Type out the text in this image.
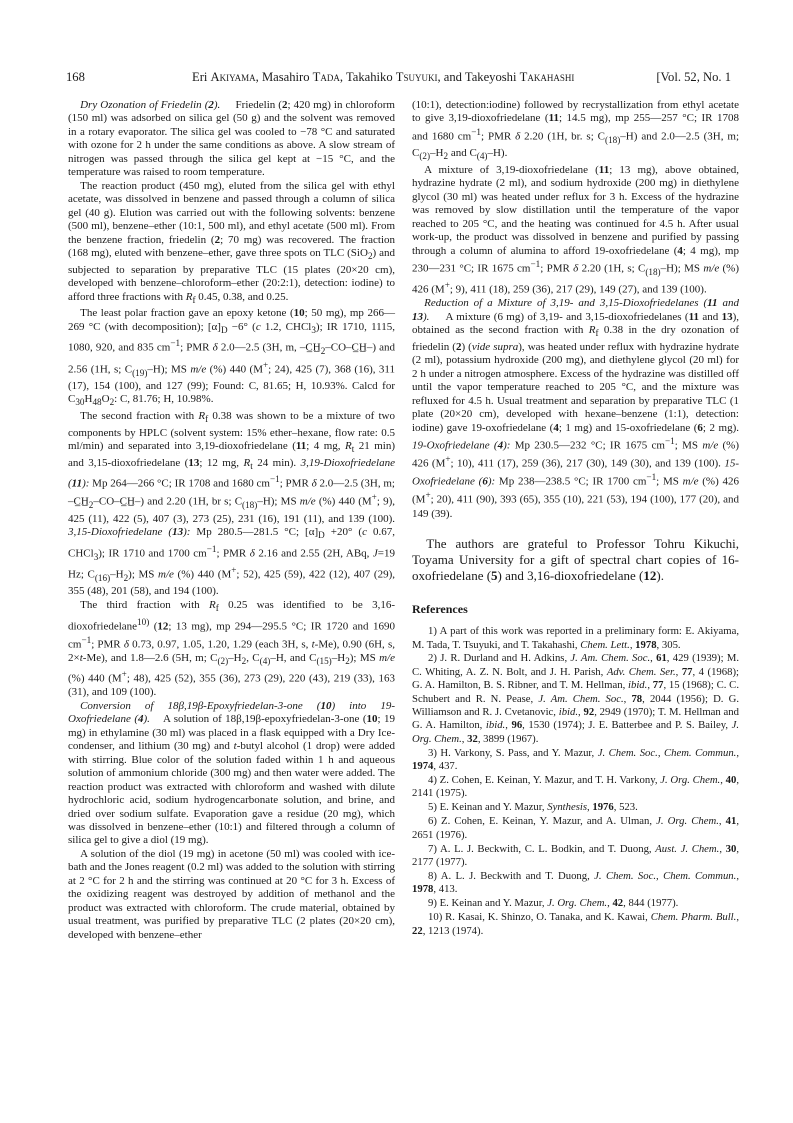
168	Eri Akiyama, Masahiro Tada, Takahiko Tsuyuki, and Takeyoshi Takahashi	[Vol. 52, No. 1

Dry Ozonation of Friedelin (2).     Friedelin (2; 420 mg) in chloroform (150 ml) was adsorbed on silica gel (50 g) and the solvent was removed in a rotary evaporator. The silica gel was cooled to −78 °C and saturated with ozone for 2 h under the same conditions as above. A slow stream of nitrogen was passed through the silica gel kept at −15 °C, and the temperature was raised to room temperature.

The reaction product (450 mg), eluted from the silica gel with ethyl acetate, was dissolved in benzene and passed through a column of silica gel (40 g). Elution was carried out with the following solvents: benzene (500 ml), benzene–ether (10:1, 500 ml), and ethyl acetate (500 ml). From the benzene fraction, friedelin (2; 70 mg) was recovered. The fraction (168 mg), eluted with benzene–ether, gave three spots on TLC (SiO$_2$) and subjected to separation by preparative TLC (15 plates (20×20 cm), developed with benzene–chloroform–ether (20:2:1), detection: iodine) to afford three fractions with $R_f$ 0.45, 0.38, and 0.25.

The least polar fraction gave an epoxy ketone (10; 50 mg), mp 266—269 °C (with decomposition); $[\alpha]_D -6^\circ$ (c 1.2, CHCl$_3$); IR 1710, 1115, 1080, 920, and 835 $cm^{-1}$; PMR δ 2.0—2.5 (3H, m, $-C̲H̲_2-CO-C̲H̲-$) and 2.56 (1H, s; $C_{(19)}-H$); MS m/e (%) 440 (M+; 24), 425 (7), 368 (16), 311 (17), 154 (100), and 127 (99); Found: C, 81.65; H, 10.93%. Calcd for $C_{30}H_{48}O_2$: C, 81.76; H, 10.98%.

The second fraction with $R_f$ 0.38 was shown to be a mixture of two components by HPLC (solvent system: 15% ether–hexane, flow rate: 0.5 ml/min) and separated into 3,19-dioxofriedelane (11; 4 mg, $R_t$ 21 min) and 3,15-dioxofriedelane (13; 12 mg, $R_t$ 24 min). 3,19-Dioxofriedelane (11): Mp 264—266 °C; IR 1708 and 1680 $cm^{-1}$; PMR δ 2.0—2.5 (3H, m; $-C̲H̲_2-CO-C̲H̲-$) and 2.20 (1H, br s; $C_{(18)}-H$); MS m/e (%) 440 (M+; 9), 425 (11), 422 (5), 407 (3), 273 (25), 231 (16), 191 (11), and 139 (100). 3,15-Dioxofriedelane (13): Mp 280.5—281.5 °C; $[\alpha]_D +20^\circ$ (c 0.67, CHCl$_3$); IR 1710 and 1700 $cm^{-1}$; PMR δ 2.16 and 2.55 (2H, ABq, J=19 Hz; $C_{(16)}-H_2$); MS m/e (%) 440 (M+; 52), 425 (59), 422 (12), 407 (29), 355 (48), 201 (58), and 194 (100).

The third fraction with $R_f$ 0.25 was identified to be 3,16-dioxofriedelane$^{10)}$ (12; 13 mg), mp 294—295.5 °C; IR 1720 and 1690 $cm^{-1}$; PMR δ 0.73, 0.97, 1.05, 1.20, 1.29 (each 3H, s, t-Me), 0.90 (6H, s, 2×t-Me), and 1.8—2.6 (5H, m; $C_{(2)}-H_2$, $C_{(4)}-H$, and $C_{(15)}-H_2$); MS m/e (%) 440 (M+; 48), 425 (52), 355 (36), 273 (29), 220 (43), 219 (33), 163 (31), and 109 (100).

Conversion of 18β,19β-Epoxyfriedelan-3-one (10) into 19-Oxofriedelane (4).    A solution of 18β,19β-epoxyfriedelan-3-one (10; 19 mg) in ethylamine (30 ml) was placed in a flask equipped with a Dry Ice-condenser, and lithium (30 mg) and t-butyl alcohol (1 drop) were added with stirring. Blue color of the solution faded within 1 h and aqueous solution of ammonium chloride (300 mg) and then water were added. The reaction product was extracted with chloroform and washed with dilute hydrochloric acid, sodium hydrogencarbonate solution, and brine, and dried over sodium sulfate. Evaporation gave a residue (20 mg), which was dissolved in benzene–ether (10:1) and filtered through a column of silica gel to give a diol (19 mg).

A solution of the diol (19 mg) in acetone (50 ml) was cooled with ice-bath and the Jones reagent (0.2 ml) was added to the solution with stirring at 2 °C for 2 h and the stirring was continued at 20 °C for 3 h. Excess of the oxidizing reagent was destroyed by addition of methanol and the product was extracted with chloroform. The crude material, obtained by usual treatment, was purified by preparative TLC (2 plates (20×20 cm), developed with benzene–ether

(10:1), detection:iodine) followed by recrystallization from ethyl acetate to give 3,19-dioxofriedelane (11; 14.5 mg), mp 255—257 °C; IR 1708 and 1680 $cm^{-1}$; PMR δ 2.20 (1H, br. s; $C_{(18)}-H$) and 2.0—2.5 (3H, m; $C_{(2)}-H_2$ and $C_{(4)}-H$).

A mixture of 3,19-dioxofriedelane (11; 13 mg), above obtained, hydrazine hydrate (2 ml), and sodium hydroxide (200 mg) in diethylene glycol (30 ml) was heated under reflux for 3 h. Excess of the hydrazine was removed by slow distillation until the temperature of the vapor reached to 205 °C, and the heating was continued for 4.5 h. After usual work-up, the product was dissolved in benzene and purified by passing through a column of alumina to afford 19-oxofriedelane (4; 4 mg), mp 230—231 °C; IR 1675 $cm^{-1}$; PMR δ 2.20 (1H, s; $C_{(18)}-H$); MS m/e (%) 426 (M+; 9), 411 (18), 259 (36), 217 (29), 149 (27), and 139 (100).

Reduction of a Mixture of 3,19- and 3,15-Dioxofriedelanes (11 and 13).     A mixture (6 mg) of 3,19- and 3,15-dioxofriedelanes (11 and 13), obtained as the second fraction with $R_f$ 0.38 in the dry ozonation of friedelin (2) (vide supra), was heated under reflux with hydrazine hydrate (2 ml), potassium hydroxide (200 mg), and diethylene glycol (20 ml) for 2 h under a nitrogen atmosphere. Excess of the hydrazine was distilled off until the vapor temperature reached to 205 °C, and the mixture was refluxed for 4.5 h. Usual treatment and separation by preparative TLC (1 plate (20×20 cm), developed with hexane–benzene (1:1), detection: iodine) gave 19-oxofriedelane (4; 1 mg) and 15-oxofriedelane (6; 2 mg). 19-Oxofriedelane (4): Mp 230.5—232 °C; IR 1675 $cm^{-1}$; MS m/e (%) 426 (M+; 10), 411 (17), 259 (36), 217 (30), 149 (30), and 139 (100). 15-Oxofriedelane (6): Mp 238—238.5 °C; IR 1700 $cm^{-1}$; MS m/e (%) 426 (M+; 20), 411 (90), 393 (65), 355 (10), 221 (53), 194 (100), 177 (20), and 149 (39).

The authors are grateful to Professor Tohru Kikuchi, Toyama University for a gift of spectral chart copies of 16-oxofriedelane (5) and 3,16-dioxofriedelane (12).

References

1) A part of this work was reported in a preliminary form: E. Akiyama, M. Tada, T. Tsuyuki, and T. Takahashi, Chem. Lett., 1978, 305.

2) J. R. Durland and H. Adkins, J. Am. Chem. Soc., 61, 429 (1939); M. C. Whiting, A. Z. N. Bolt, and J. H. Parish, Adv. Chem. Ser., 77, 4 (1968); G. A. Hamilton, B. S. Ribner, and T. M. Hellman, ibid., 77, 15 (1968); C. C. Schubert and R. N. Pease, J. Am. Chem. Soc., 78, 2044 (1956); D. G. Williamson and R. J. Cvetanovic, ibid., 92, 2949 (1970); T. M. Hellman and G. A. Hamilton, ibid., 96, 1530 (1974); J. E. Batterbee and P. S. Bailey, J. Org. Chem., 32, 3899 (1967).

3) H. Varkony, S. Pass, and Y. Mazur, J. Chem. Soc., Chem. Commun., 1974, 437.

4) Z. Cohen, E. Keinan, Y. Mazur, and T. H. Varkony, J. Org. Chem., 40, 2141 (1975).

5) E. Keinan and Y. Mazur, Synthesis, 1976, 523.

6) Z. Cohen, E. Keinan, Y. Mazur, and A. Ulman, J. Org. Chem., 41, 2651 (1976).

7) A. L. J. Beckwith, C. L. Bodkin, and T. Duong, Aust. J. Chem., 30, 2177 (1977).

8) A. L. J. Beckwith and T. Duong, J. Chem. Soc., Chem. Commun., 1978, 413.

9) E. Keinan and Y. Mazur, J. Org. Chem., 42, 844 (1977).

10) R. Kasai, K. Shinzo, O. Tanaka, and K. Kawai, Chem. Pharm. Bull., 22, 1213 (1974).
